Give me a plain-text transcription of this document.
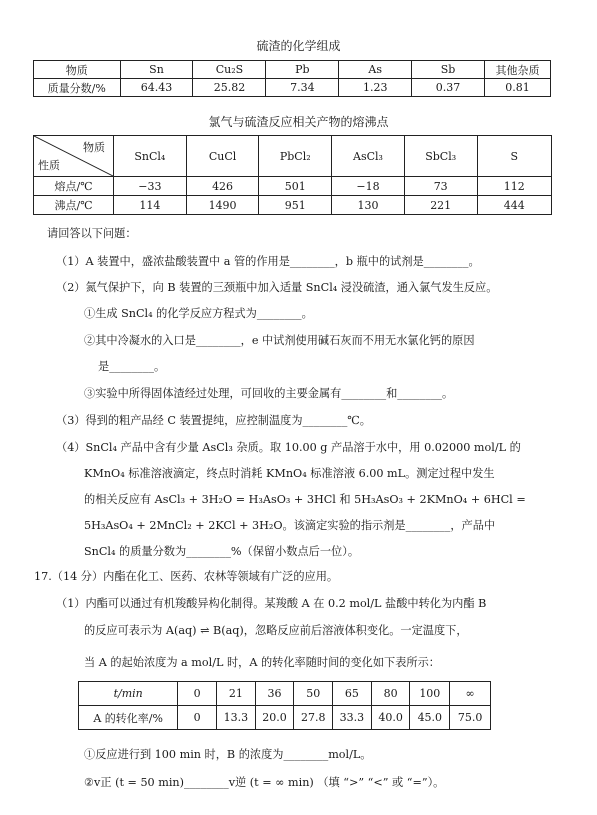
硫渣的化学组成
物质	Sn	Cu₂S	Pb	As	Sb	其他杂质
质量分数/%	64.43	25.82	7.34	1.23	0.37	0.81
氯气与硫渣反应相关产物的熔沸点
物质
性质	SnCl₄	CuCl	PbCl₂	AsCl₃	SbCl₃	S
熔点/℃	−33	426	501	−18	73	112
沸点/℃	114	1490	951	130	221	444
请回答以下问题：
（1）A 装置中，盛浓盐酸装置中 a 管的作用是________，b 瓶中的试剂是________。
（2）氮气保护下，向 B 装置的三颈瓶中加入适量 SnCl₄ 浸没硫渣，通入氯气发生反应。
①生成 SnCl₄ 的化学反应方程式为________。
②其中冷凝水的入口是________，e 中试剂使用碱石灰而不用无水氯化钙的原因
是________。
③实验中所得固体渣经过处理，可回收的主要金属有________和________。
（3）得到的粗产品经 C 装置提纯，应控制温度为________℃。
（4）SnCl₄ 产品中含有少量 AsCl₃ 杂质。取 10.00 g 产品溶于水中，用 0.02000 mol/L 的
KMnO₄ 标准溶液滴定，终点时消耗 KMnO₄ 标准溶液 6.00 mL。测定过程中发生
的相关反应有 AsCl₃ + 3H₂O = H₃AsO₃ + 3HCl 和 5H₃AsO₃ + 2KMnO₄ + 6HCl =
5H₃AsO₄ + 2MnCl₂ + 2KCl + 3H₂O。该滴定实验的指示剂是________，产品中
SnCl₄ 的质量分数为________%（保留小数点后一位）。
17.（14 分）内酯在化工、医药、农林等领域有广泛的应用。
（1）内酯可以通过有机羧酸异构化制得。某羧酸 A 在 0.2 mol/L 盐酸中转化为内酯 B
的反应可表示为 A(aq) ⇌ B(aq)，忽略反应前后溶液体积变化。一定温度下，
当 A 的起始浓度为 a mol/L 时，A 的转化率随时间的变化如下表所示：
t/min	0	21	36	50	65	80	100	∞
A 的转化率/%	0	13.3	20.0	27.8	33.3	40.0	45.0	75.0
①反应进行到 100 min 时，B 的浓度为________mol/L。
②v正 (t = 50 min)________v逆 (t = ∞ min) （填 “>” “<” 或 “=”）。
